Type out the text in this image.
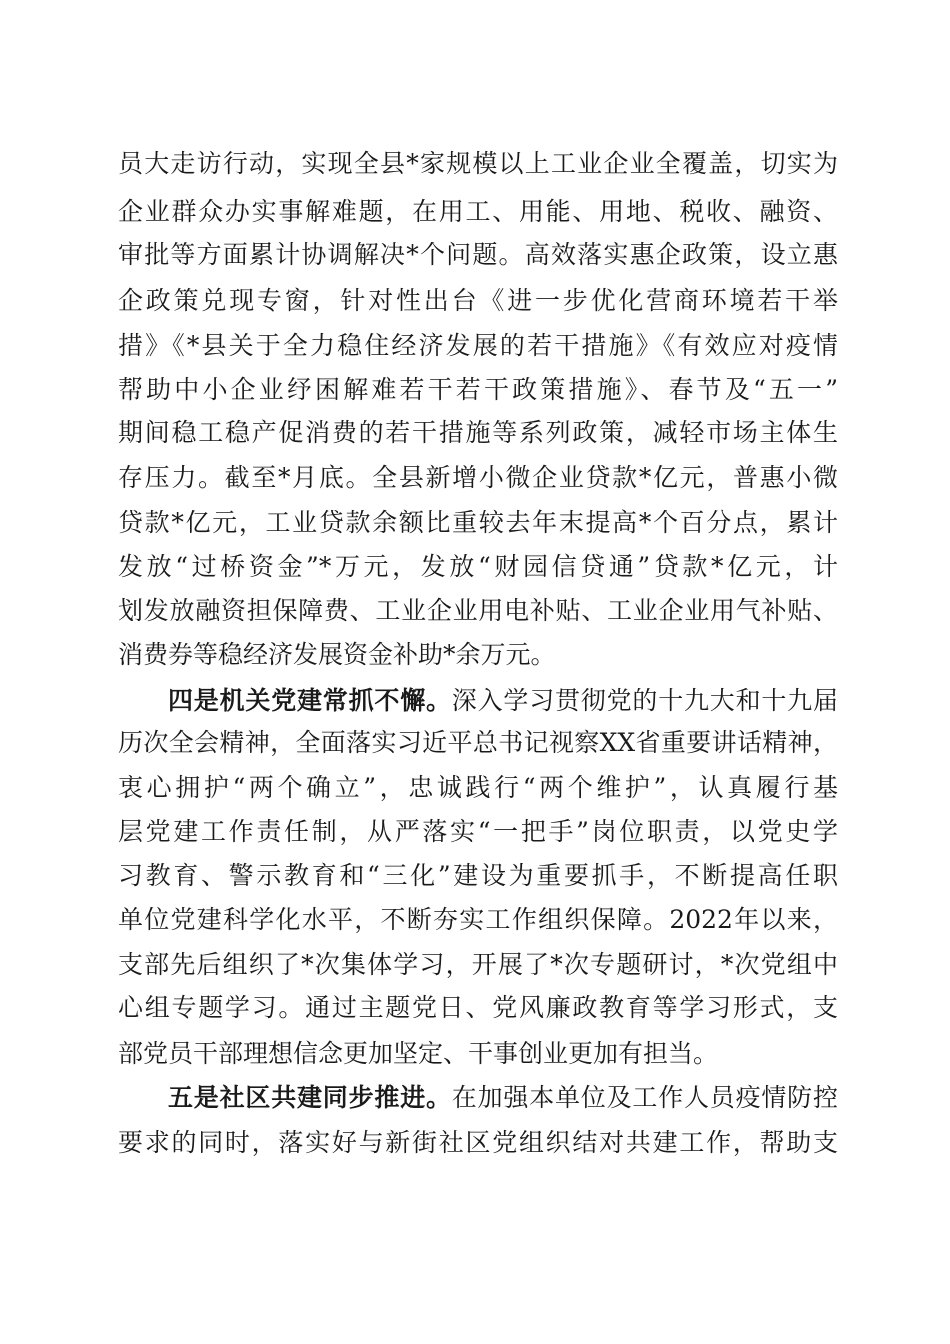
员大走访行动，实现全县*家规模以上工业企业全覆盖，切实为
企业群众办实事解难题，在用工、用能、用地、税收、融资、
审批等方面累计协调解决*个问题。高效落实惠企政策，设立惠
企政策兑现专窗，针对性出台《进一步优化营商环境若干举
措》《*县关于全力稳住经济发展的若干措施》《有效应对疫情
帮助中小企业纾困解难若干若干政策措施》、春节及“五一”
期间稳工稳产促消费的若干措施等系列政策，减轻市场主体生
存压力。截至*月底。全县新增小微企业贷款*亿元，普惠小微
贷款*亿元，工业贷款余额比重较去年末提高*个百分点，累计
发放“过桥资金”*万元，发放“财园信贷通”贷款*亿元，计
划发放融资担保障费、工业企业用电补贴、工业企业用气补贴、
消费券等稳经济发展资金补助*余万元。
四是机关党建常抓不懈。深入学习贯彻党的十九大和十九届
历次全会精神，全面落实习近平总书记视察XX省重要讲话精神，
衷心拥护“两个确立”，忠诚践行“两个维护”，认真履行基
层党建工作责任制，从严落实“一把手”岗位职责，以党史学
习教育、警示教育和“三化”建设为重要抓手，不断提高任职
单位党建科学化水平，不断夯实工作组织保障。2022年以来，
支部先后组织了*次集体学习，开展了*次专题研讨，*次党组中
心组专题学习。通过主题党日、党风廉政教育等学习形式，支
部党员干部理想信念更加坚定、干事创业更加有担当。
五是社区共建同步推进。在加强本单位及工作人员疫情防控
要求的同时，落实好与新街社区党组织结对共建工作，帮助支
